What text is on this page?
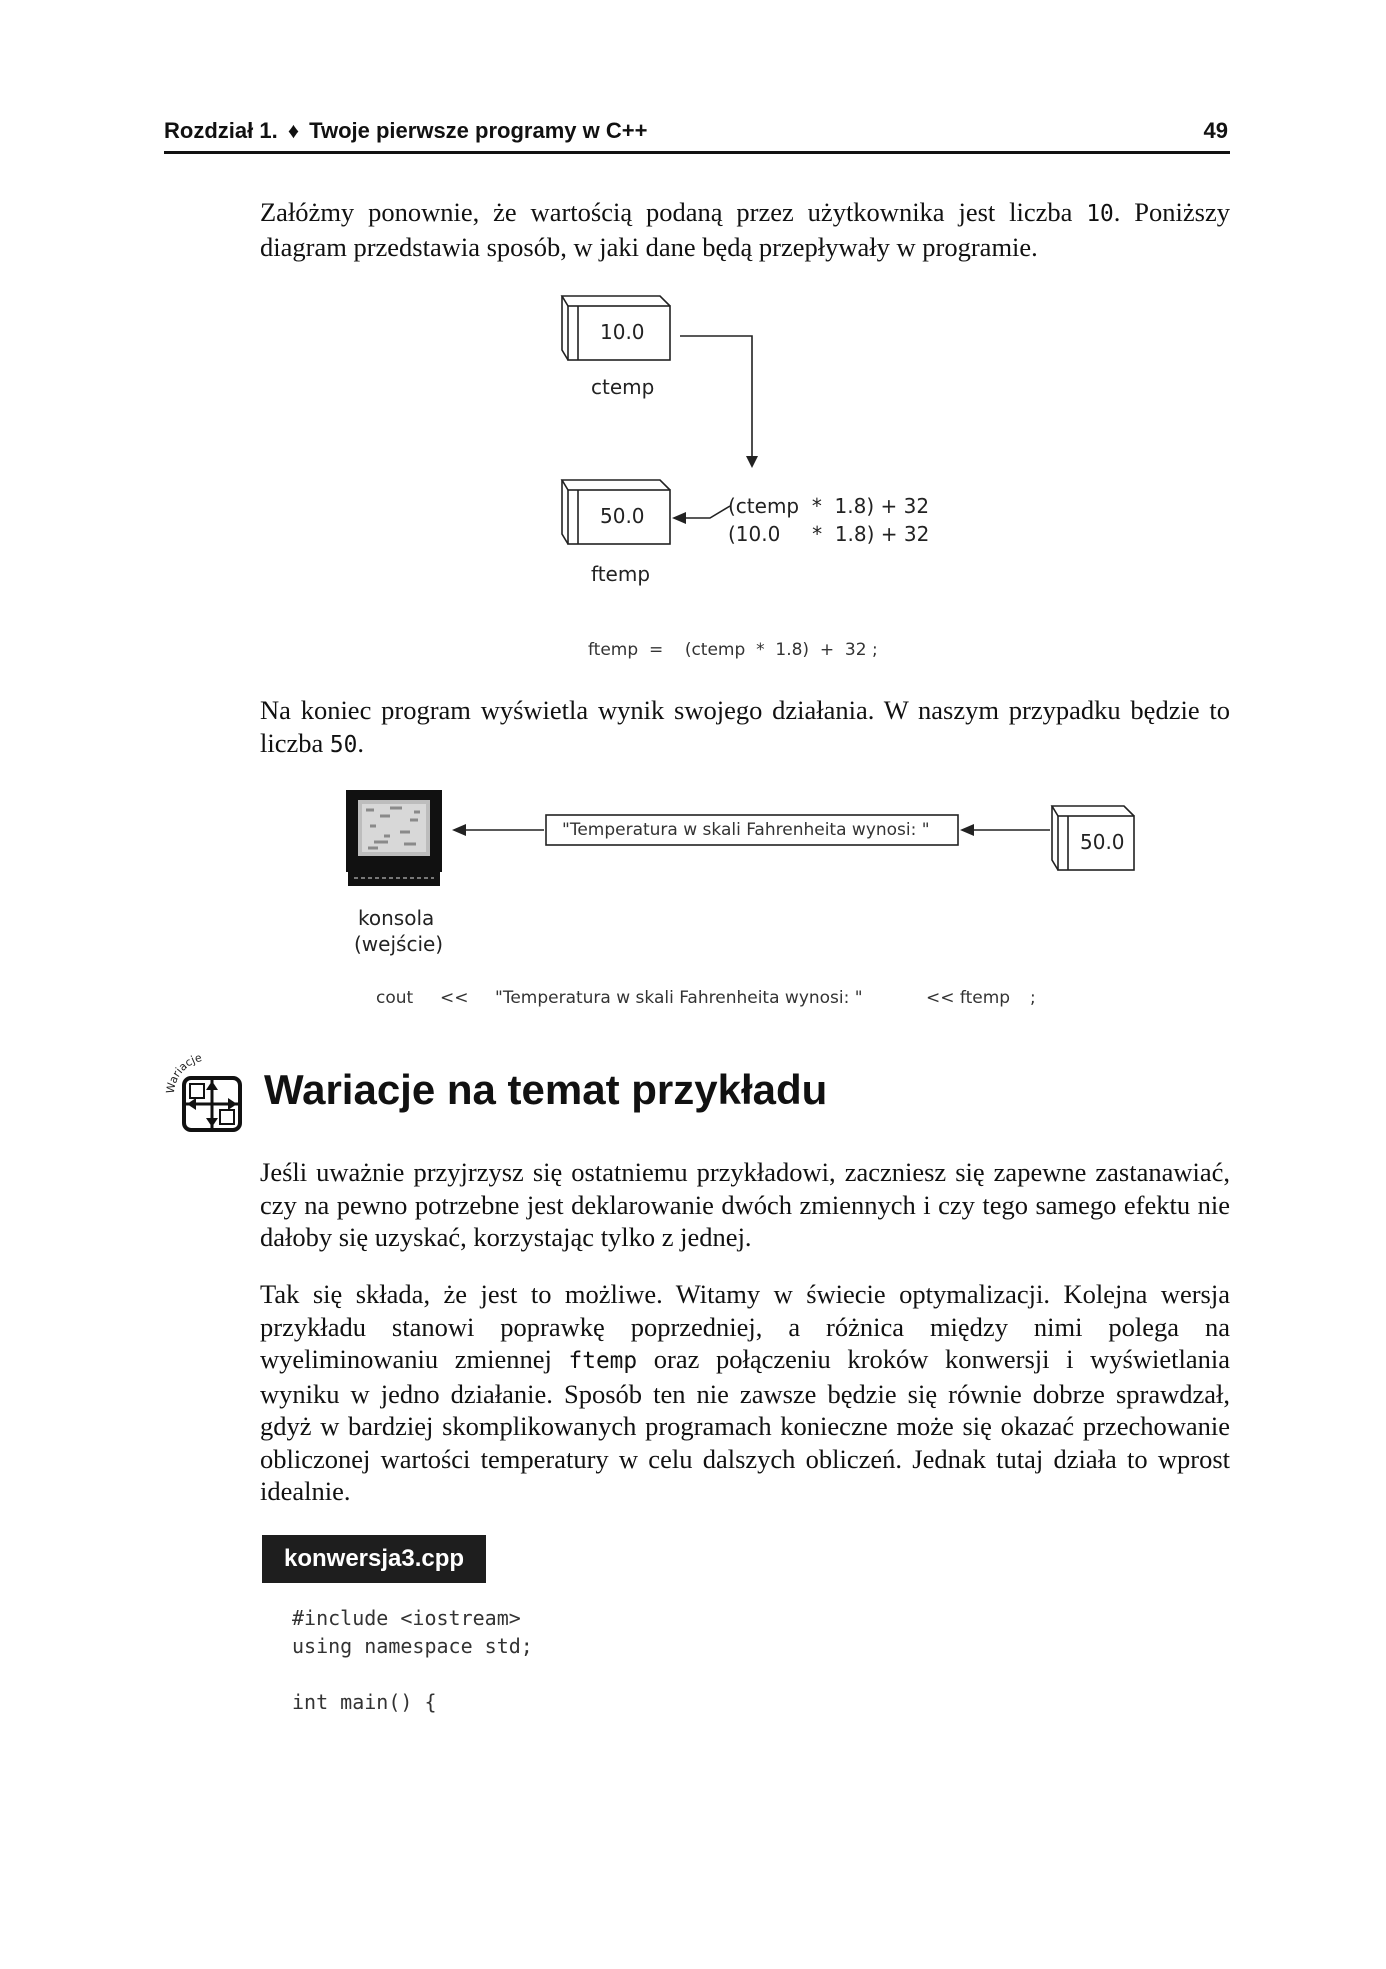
Rozdział 1. ♦ Twoje pierwsze programy w C++	49

Załóżmy ponownie, że wartością podaną przez użytkownika jest liczba 10. Poniższy diagram przedstawia sposób, w jaki dane będą przepływały w programie.

10.0
ctemp
50.0
ftemp
(ctemp  *  1.8) + 32
(10.0     *  1.8) + 32
ftemp  =    (ctemp  *  1.8)  +  32 ;

Na koniec program wyświetla wynik swojego działania. W naszym przypadku będzie to liczba 50.

"Temperatura w skali Fahrenheita wynosi: "	50.0
konsola
(wejście)
cout << "Temperatura w skali Fahrenheita wynosi: "	<< ftemp ;
Wariacje
Wariacje na temat przykładu

Jeśli uważnie przyjrzysz się ostatniemu przykładowi, zaczniesz się zapewne zastanawiać, czy na pewno potrzebne jest deklarowanie dwóch zmiennych i czy tego samego efektu nie dałoby się uzyskać, korzystając tylko z jednej.

Tak się składa, że jest to możliwe. Witamy w świecie optymalizacji. Kolejna wersja przykładu stanowi poprawkę poprzedniej, a różnica między nimi polega na wyeliminowaniu zmiennej ftemp oraz połączeniu kroków konwersji i wyświetlania wyniku w jedno działanie. Sposób ten nie zawsze będzie się równie dobrze sprawdzał, gdyż w bardziej skomplikowanych programach konieczne może się okazać przechowanie obliczonej wartości temperatury w celu dalszych obliczeń. Jednak tutaj działa to wprost idealnie.

konwersja3.cpp
#include <iostream>
using namespace std;
int main() {
